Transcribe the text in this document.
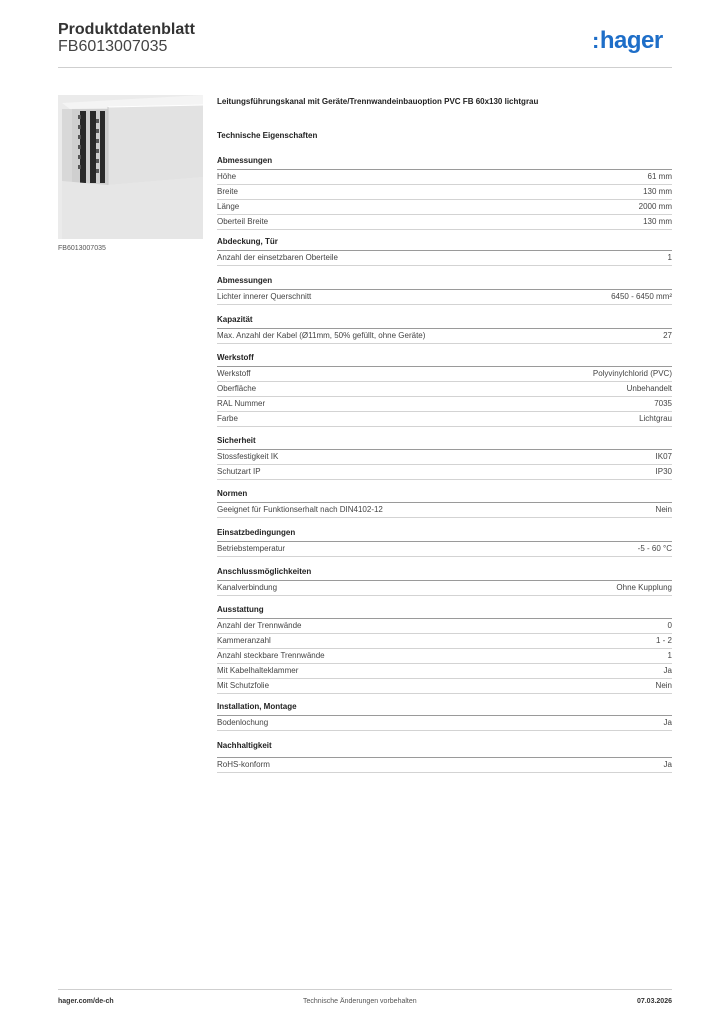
Produktdatenblatt
FB6013007035	:hager
FB6013007035
Leitungsführungskanal mit Geräte/Trennwandeinbauoption PVC FB 60x130 lichtgrau
Technische Eigenschaften
Abmessungen
Höhe	61 mm
Breite	130 mm
Länge	2000 mm
Oberteil Breite	130 mm
Abdeckung, Tür
Anzahl der einsetzbaren Oberteile	1
Abmessungen
Lichter innerer Querschnitt	6450 - 6450 mm²
Kapazität
Max. Anzahl der Kabel (Ø11mm, 50% gefüllt, ohne Geräte)	27
Werkstoff
Werkstoff	Polyvinylchlorid (PVC)
Oberfläche	Unbehandelt
RAL Nummer	7035
Farbe	Lichtgrau
Sicherheit
Stossfestigkeit IK	IK07
Schutzart IP	IP30
Normen
Geeignet für Funktionserhalt nach DIN4102-12	Nein
Einsatzbedingungen
Betriebstemperatur	-5 - 60 °C
Anschlussmöglichkeiten
Kanalverbindung	Ohne Kupplung
Ausstattung
Anzahl der Trennwände	0
Kammeranzahl	1 - 2
Anzahl steckbare Trennwände	1
Mit Kabelhalteklammer	Ja
Mit Schutzfolie	Nein
Installation, Montage
Bodenlochung	Ja
Nachhaltigkeit
RoHS-konform	Ja
hager.com/de-ch	Technische Änderungen vorbehalten	07.03.2026
